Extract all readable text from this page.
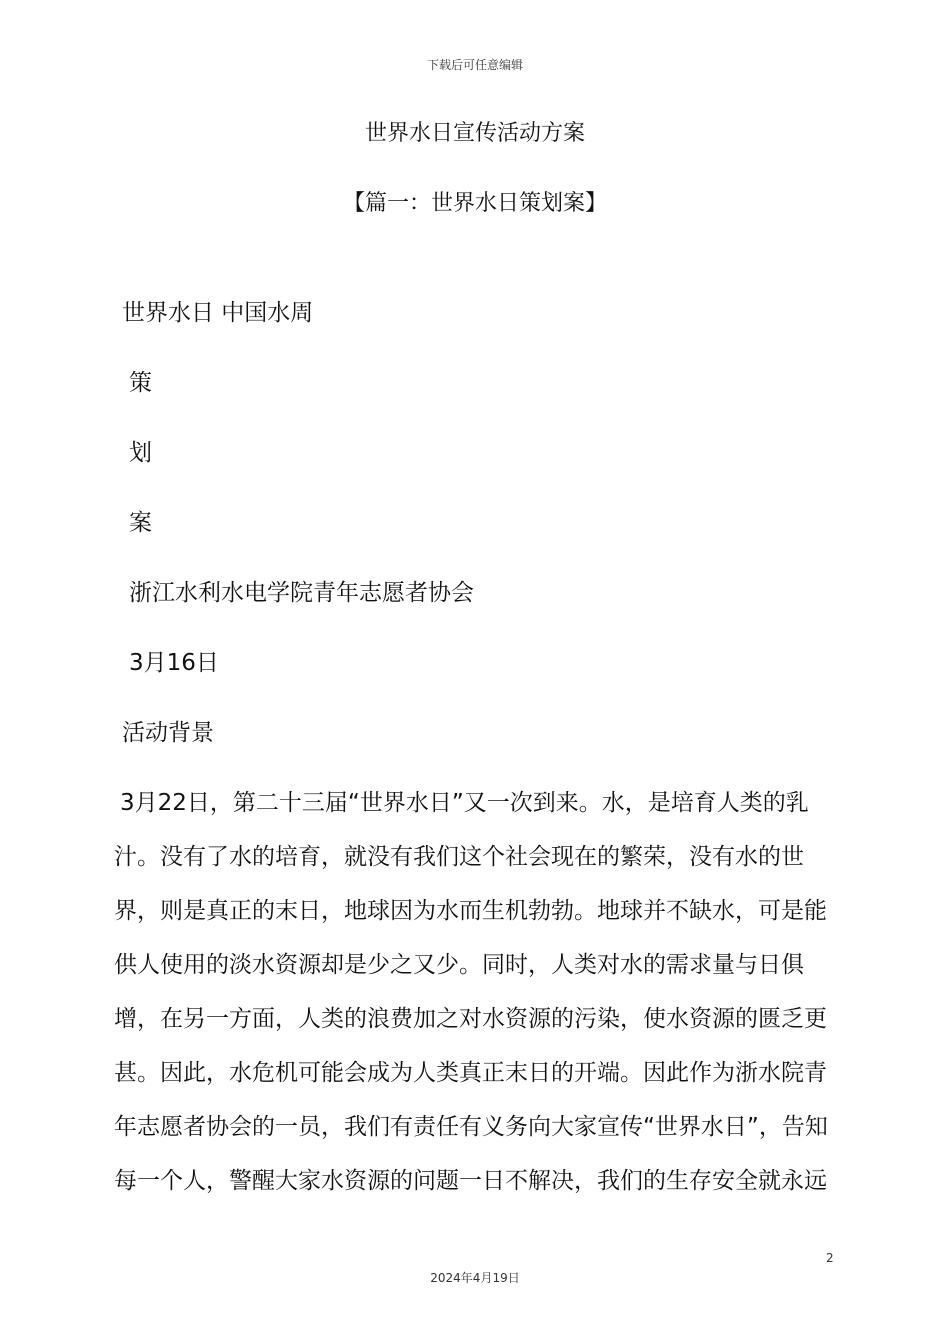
下载后可任意编辑
世界水日宣传活动方案
【篇一：世界水日策划案】
世界水日 中国水周
策
划
案
浙江水利水电学院青年志愿者协会
3月16日
活动背景
3月22日，第二十三届“世界水日”又一次到来。水，是培育人类的乳
汁。没有了水的培育，就没有我们这个社会现在的繁荣，没有水的世
界，则是真正的末日，地球因为水而生机勃勃。地球并不缺水，可是能
供人使用的淡水资源却是少之又少。同时，人类对水的需求量与日俱
增，在另一方面，人类的浪费加之对水资源的污染，使水资源的匮乏更
甚。因此，水危机可能会成为人类真正末日的开端。因此作为浙水院青
年志愿者协会的一员，我们有责任有义务向大家宣传“世界水日”，告知
每一个人，警醒大家水资源的问题一日不解决，我们的生存安全就永远
2
2024年4月19日
